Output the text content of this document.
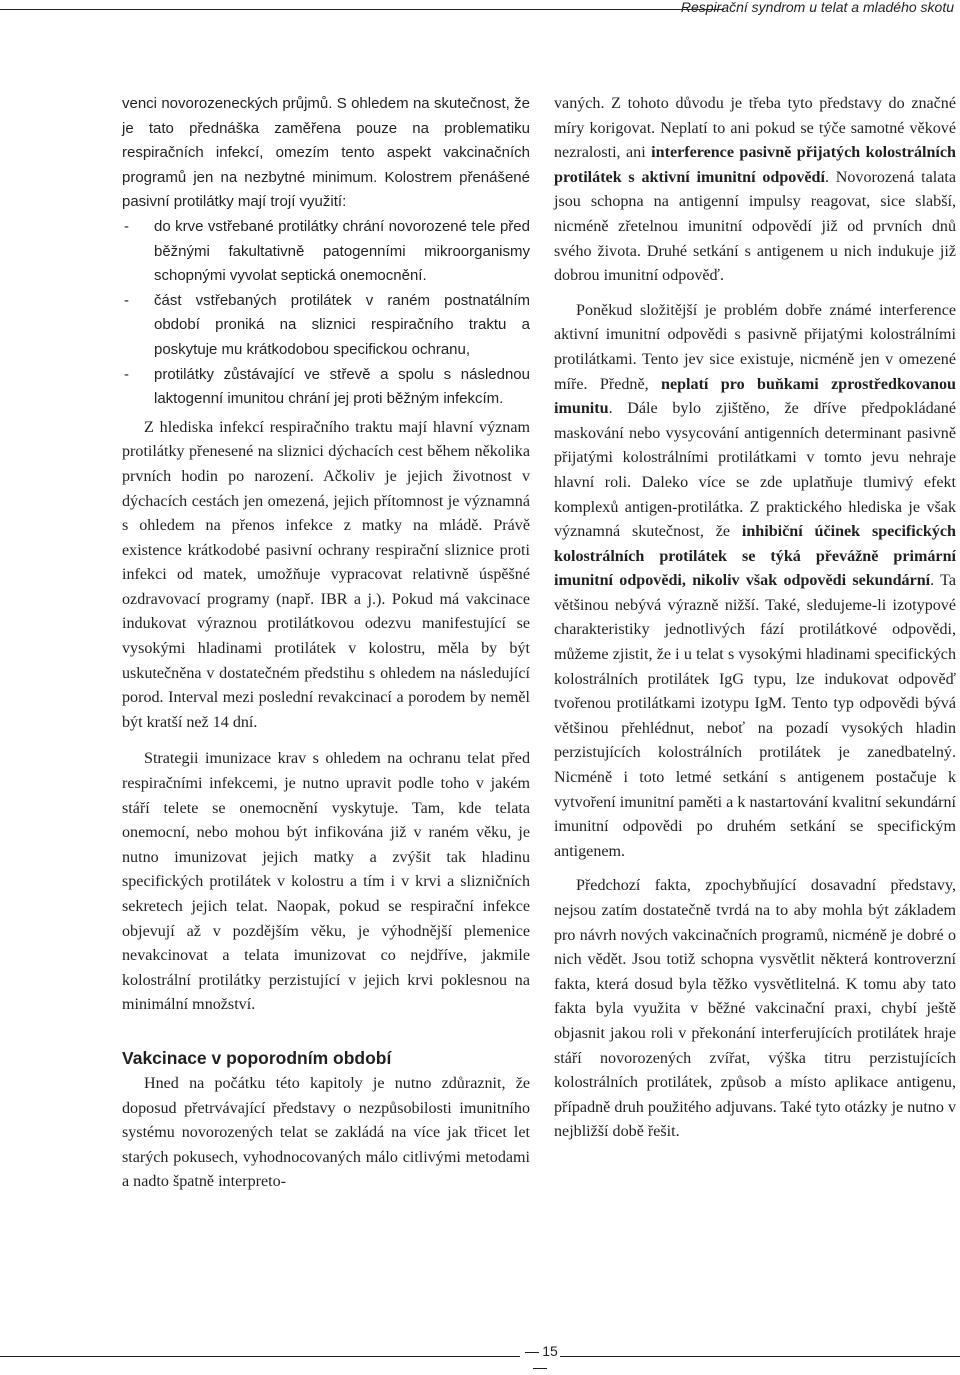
Respirační syndrom u telat a mladého skotu

venci novorozeneckých průjmů. S ohledem na skutečnost, že je tato přednáška zaměřena pouze na problematiku respiračních infekcí, omezím tento aspekt vakcinačních programů jen na nezbytné minimum. Kolostrem přenášené pasivní protilátky mají trojí využití:

- do krve vstřebané protilátky chrání novorozené tele před běžnými fakultativně patogenními mikroorganismy schopnými vyvolat septická onemocnění.
- část vstřebaných protilátek v raném postnatálním období proniká na sliznici respiračního traktu a poskytuje mu krátkodobou specifickou ochranu,
- protilátky zůstávající ve střevě a spolu s následnou laktogenní imunitou chrání jej proti běžným infekcím.

Z hlediska infekcí respiračního traktu mají hlavní význam protilátky přenesené na sliznici dýchacích cest během několika prvních hodin po narození. Ačkoliv je jejich životnost v dýchacích cestách jen omezená, jejich přítomnost je významná s ohledem na přenos infekce z matky na mládě. Právě existence krátkodobé pasivní ochrany respirační sliznice proti infekci od matek, umožňuje vypracovat relativně úspěšné ozdravovací programy (např. IBR a j.). Pokud má vakcinace indukovat výraznou protilátkovou odezvu manifestující se vysokými hladinami protilátek v kolostru, měla by být uskutečněna v dostatečném předstihu s ohledem na následující porod. Interval mezi poslední revakcinací a porodem by neměl být kratší než 14 dní.

Strategii imunizace krav s ohledem na ochranu telat před respiračními infekcemi, je nutno upravit podle toho v jakém stáří telete se onemocnění vyskytuje. Tam, kde telata onemocní, nebo mohou být infikována již v raném věku, je nutno imunizovat jejich matky a zvýšit tak hladinu specifických protilátek v kolostru a tím i v krvi a slizničních sekretech jejich telat. Naopak, pokud se respirační infekce objevují až v pozdějším věku, je výhodnější plemenice nevakcinovat a telata imunizovat co nejdříve, jakmile kolostrální protilátky perzistující v jejich krvi poklesnou na minimální množství.

Vakcinace v poporodním období

Hned na počátku této kapitoly je nutno zdůraznit, že doposud přetrvávající představy o nezpůsobilosti imunitního systému novorozených telat se zakládá na více jak třicet let starých pokusech, vyhodnocovaných málo citlivými metodami a nadto špatně interpreto-

vaných. Z tohoto důvodu je třeba tyto představy do značné míry korigovat. Neplatí to ani pokud se týče samotné věkové nezralosti, ani interference pasivně přijatých kolostrálních protilátek s aktivní imunitní odpovědí. Novorozená talata jsou schopna na antigenní impulsy reagovat, sice slabší, nicméně zřetelnou imunitní odpovědí již od prvních dnů svého života. Druhé setkání s antigenem u nich indukuje již dobrou imunitní odpověď.

Poněkud složitější je problém dobře známé interference aktivní imunitní odpovědi s pasivně přijatými kolostrálními protilátkami. Tento jev sice existuje, nicméně jen v omezené míře. Předně, neplatí pro buňkami zprostředkovanou imunitu. Dále bylo zjištěno, že dříve předpokládané maskování nebo vysycování antigenních determinant pasivně přijatými kolostrálními protilátkami v tomto jevu nehraje hlavní roli. Daleko více se zde uplatňuje tlumivý efekt komplexů antigen-protilátka. Z praktického hlediska je však významná skutečnost, že inhibiční účinek specifických kolostrálních protilátek se týká převážně primární imunitní odpovědi, nikoliv však odpovědi sekundární. Ta většinou nebývá výrazně nižší. Také, sledujeme-li izotypové charakteristiky jednotlivých fází protilátkové odpovědi, můžeme zjistit, že i u telat s vysokými hladinami specifických kolostrálních protilátek IgG typu, lze indukovat odpověď tvořenou protilátkami izotypu IgM. Tento typ odpovědi bývá většinou přehlédnut, neboť na pozadí vysokých hladin perzistujících kolostrálních protilátek je zanedbatelný. Nicméně i toto letmé setkání s antigenem postačuje k vytvoření imunitní paměti a k nastartování kvalitní sekundární imunitní odpovědi po druhém setkání se specifickým antigenem.

Předchozí fakta, zpochybňující dosavadní představy, nejsou zatím dostatečně tvrdá na to aby mohla být základem pro návrh nových vakcinačních programů, nicméně je dobré o nich vědět. Jsou totiž schopna vysvětlit některá kontroverzní fakta, která dosud byla těžko vysvětlitelná. K tomu aby tato fakta byla využita v běžné vakcinační praxi, chybí ještě objasnit jakou roli v překonání interferujících protilátek hraje stáří novorozených zvířat, výška titru perzistujících kolostrálních protilátek, způsob a místo aplikace antigenu, případně druh použitého adjuvans. Také tyto otázky je nutno v nejbližší době řešit.

15
